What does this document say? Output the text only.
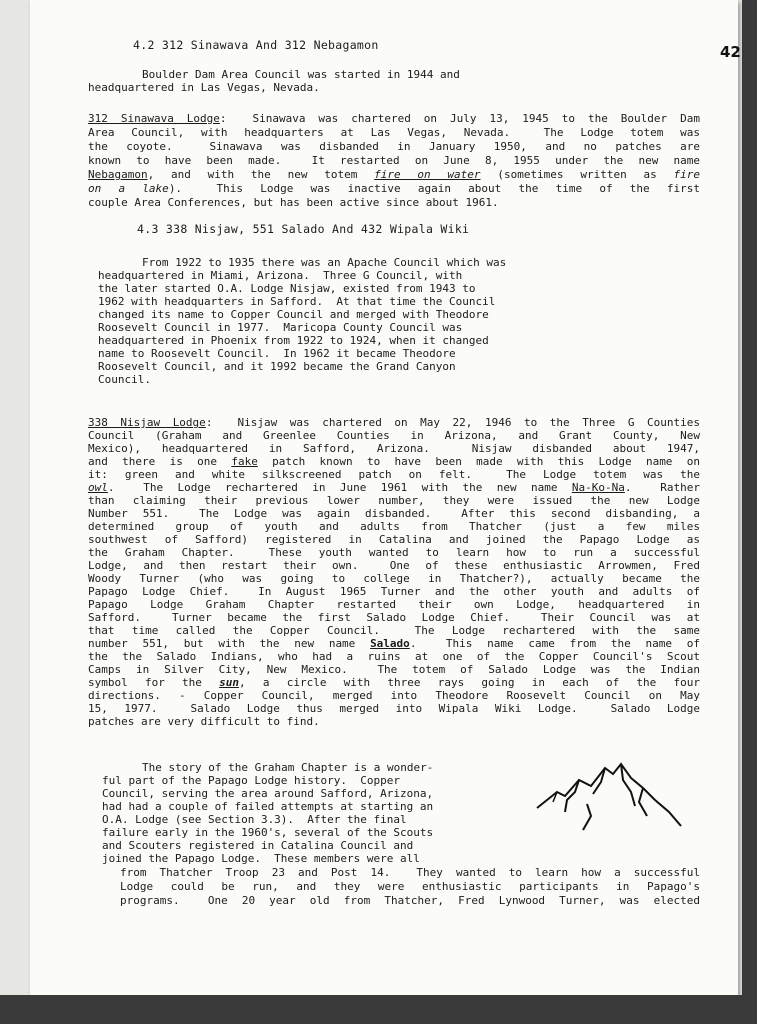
42
4.2 312 Sinawava And 312 Nebagamon
Boulder Dam Area Council was started in 1944 and
headquartered in Las Vegas, Nevada.
312 Sinawava Lodge:  Sinawava was chartered on July 13, 1945 to the Boulder Dam
Area Council, with headquarters at Las Vegas, Nevada.  The Lodge totem was
the coyote.  Sinawava was disbanded in January 1950, and no patches are
known to have been made.  It restarted on June 8, 1955 under the new name
Nebagamon, and with the new totem fire on water (sometimes written as fire
on a lake).  This Lodge was inactive again about the time of the first
couple Area Conferences, but has been active since about 1961.
4.3 338 Nisjaw, 551 Salado And 432 Wipala Wiki
From 1922 to 1935 there was an Apache Council which was
headquartered in Miami, Arizona.  Three G Council, with
the later started O.A. Lodge Nisjaw, existed from 1943 to
1962 with headquarters in Safford.  At that time the Council
changed its name to Copper Council and merged with Theodore
Roosevelt Council in 1977.  Maricopa County Council was
headquartered in Phoenix from 1922 to 1924, when it changed
name to Roosevelt Council.  In 1962 it became Theodore
Roosevelt Council, and it 1992 became the Grand Canyon
Council.
338 Nisjaw Lodge:  Nisjaw was chartered on May 22, 1946 to the Three G Counties
Council (Graham and Greenlee Counties in Arizona, and Grant County, New
Mexico), headquartered in Safford, Arizona.  Nisjaw disbanded about 1947,
and there is one fake patch known to have been made with this Lodge name on
it: green and white silkscreened patch on felt.  The Lodge totem was the
owl.  The Lodge rechartered in June 1961 with the new name Na-Ko-Na.  Rather
than claiming their previous lower number, they were issued the new Lodge
Number 551.  The Lodge was again disbanded.  After this second disbanding, a
determined group of youth and adults from Thatcher (just a few miles
southwest of Safford) registered in Catalina and joined the Papago Lodge as
the Graham Chapter.  These youth wanted to learn how to run a successful
Lodge, and then restart their own.  One of these enthusiastic Arrowmen, Fred
Woody Turner (who was going to college in Thatcher?), actually became the
Papago Lodge Chief.  In August 1965 Turner and the other youth and adults of
Papago Lodge Graham Chapter restarted their own Lodge, headquartered in
Safford.  Turner became the first Salado Lodge Chief.  Their Council was at
that time called the Copper Council.  The Lodge rechartered with the same
number 551, but with the new name Salado.  This name came from the name of
the the Salado Indians, who had a ruins at one of the Copper Council's Scout
Camps in Silver City, New Mexico.  The totem of Salado Lodge was the Indian
symbol for the sun, a circle with three rays going in each of the four
directions. - Copper Council, merged into Theodore Roosevelt Council on May
15, 1977.  Salado Lodge thus merged into Wipala Wiki Lodge.  Salado Lodge
patches are very difficult to find.
The story of the Graham Chapter is a wonder-
ful part of the Papago Lodge history.  Copper
Council, serving the area around Safford, Arizona,
had had a couple of failed attempts at starting an
O.A. Lodge (see Section 3.3).  After the final
failure early in the 1960's, several of the Scouts
and Scouters registered in Catalina Council and
joined the Papago Lodge.  These members were all
from Thatcher Troop 23 and Post 14.  They wanted to learn how a successful
Lodge could be run, and they were enthusiastic participants in Papago's
programs.  One 20 year old from Thatcher, Fred Lynwood Turner, was elected
